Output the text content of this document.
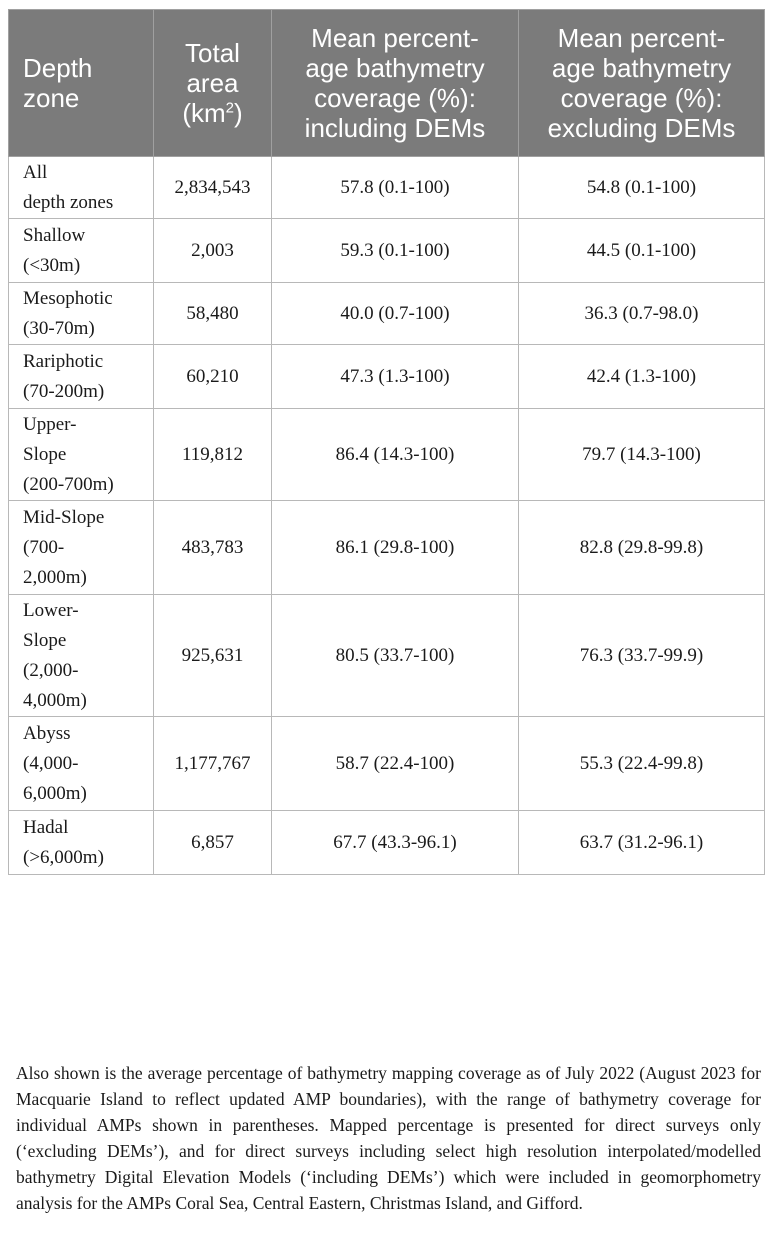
Depth
zone	Total
area
$(km^2)$	Mean percent-
age bathymetry
coverage (%):
including DEMs	Mean percent-
age bathymetry
coverage (%):
excluding DEMs

All
depth zones	2,834,543	57.8 (0.1-100)	54.8 (0.1-100)

Shallow
(<30m)	2,003	59.3 (0.1-100)	44.5 (0.1-100)

Mesophotic
(30-70m)	58,480	40.0 (0.7-100)	36.3 (0.7-98.0)

Rariphotic
(70-200m)	60,210	47.3 (1.3-100)	42.4 (1.3-100)

Upper-
Slope
(200-700m)	119,812	86.4 (14.3-100)	79.7 (14.3-100)

Mid-Slope
(700-
2,000m)	483,783	86.1 (29.8-100)	82.8 (29.8-99.8)

Lower-
Slope
(2,000-
4,000m)	925,631	80.5 (33.7-100)	76.3 (33.7-99.9)

Abyss
(4,000-
6,000m)	1,177,767	58.7 (22.4-100)	55.3 (22.4-99.8)

Hadal
(>6,000m)	6,857	67.7 (43.3-96.1)	63.7 (31.2-96.1)

Also shown is the average percentage of bathymetry mapping coverage as of July 2022 (August 2023 for Macquarie Island to reflect updated AMP boundaries), with the range of bathymetry coverage for individual AMPs shown in parentheses. Mapped percentage is presented for direct surveys only (‘excluding DEMs’), and for direct surveys including select high resolution interpolated/modelled bathymetry Digital Elevation Models (‘including DEMs’) which were included in geomorphometry analysis for the AMPs Coral Sea, Central Eastern, Christmas Island, and Gifford.
